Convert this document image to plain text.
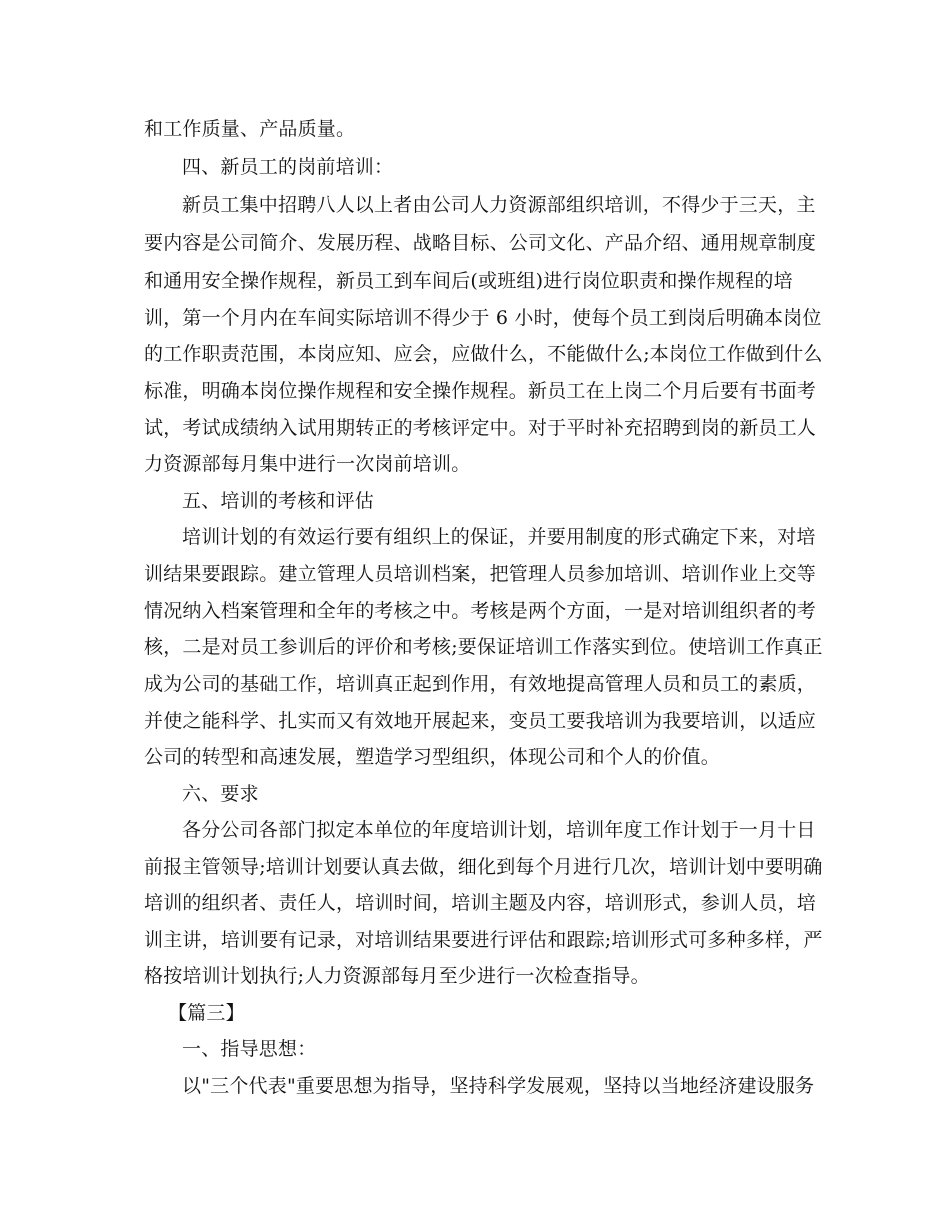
和工作质量、产品质量。
四、新员工的岗前培训：
新员工集中招聘八人以上者由公司人力资源部组织培训，不得少于三天，主
要内容是公司简介、发展历程、战略目标、公司文化、产品介绍、通用规章制度
和通用安全操作规程，新员工到车间后(或班组)进行岗位职责和操作规程的培
训，第一个月内在车间实际培训不得少于 6 小时，使每个员工到岗后明确本岗位
的工作职责范围，本岗应知、应会，应做什么，不能做什么;本岗位工作做到什么
标准，明确本岗位操作规程和安全操作规程。新员工在上岗二个月后要有书面考
试，考试成绩纳入试用期转正的考核评定中。对于平时补充招聘到岗的新员工人
力资源部每月集中进行一次岗前培训。
五、培训的考核和评估
培训计划的有效运行要有组织上的保证，并要用制度的形式确定下来，对培
训结果要跟踪。建立管理人员培训档案，把管理人员参加培训、培训作业上交等
情况纳入档案管理和全年的考核之中。考核是两个方面，一是对培训组织者的考
核，二是对员工参训后的评价和考核;要保证培训工作落实到位。使培训工作真正
成为公司的基础工作，培训真正起到作用，有效地提高管理人员和员工的素质，
并使之能科学、扎实而又有效地开展起来，变员工要我培训为我要培训，以适应
公司的转型和高速发展，塑造学习型组织，体现公司和个人的价值。
六、要求
各分公司各部门拟定本单位的年度培训计划，培训年度工作计划于一月十日
前报主管领导;培训计划要认真去做，细化到每个月进行几次，培训计划中要明确
培训的组织者、责任人，培训时间，培训主题及内容，培训形式，参训人员，培
训主讲，培训要有记录，对培训结果要进行评估和跟踪;培训形式可多种多样，严
格按培训计划执行;人力资源部每月至少进行一次检查指导。
【篇三】
一、指导思想：
以"三个代表"重要思想为指导，坚持科学发展观，坚持以当地经济建设服务
